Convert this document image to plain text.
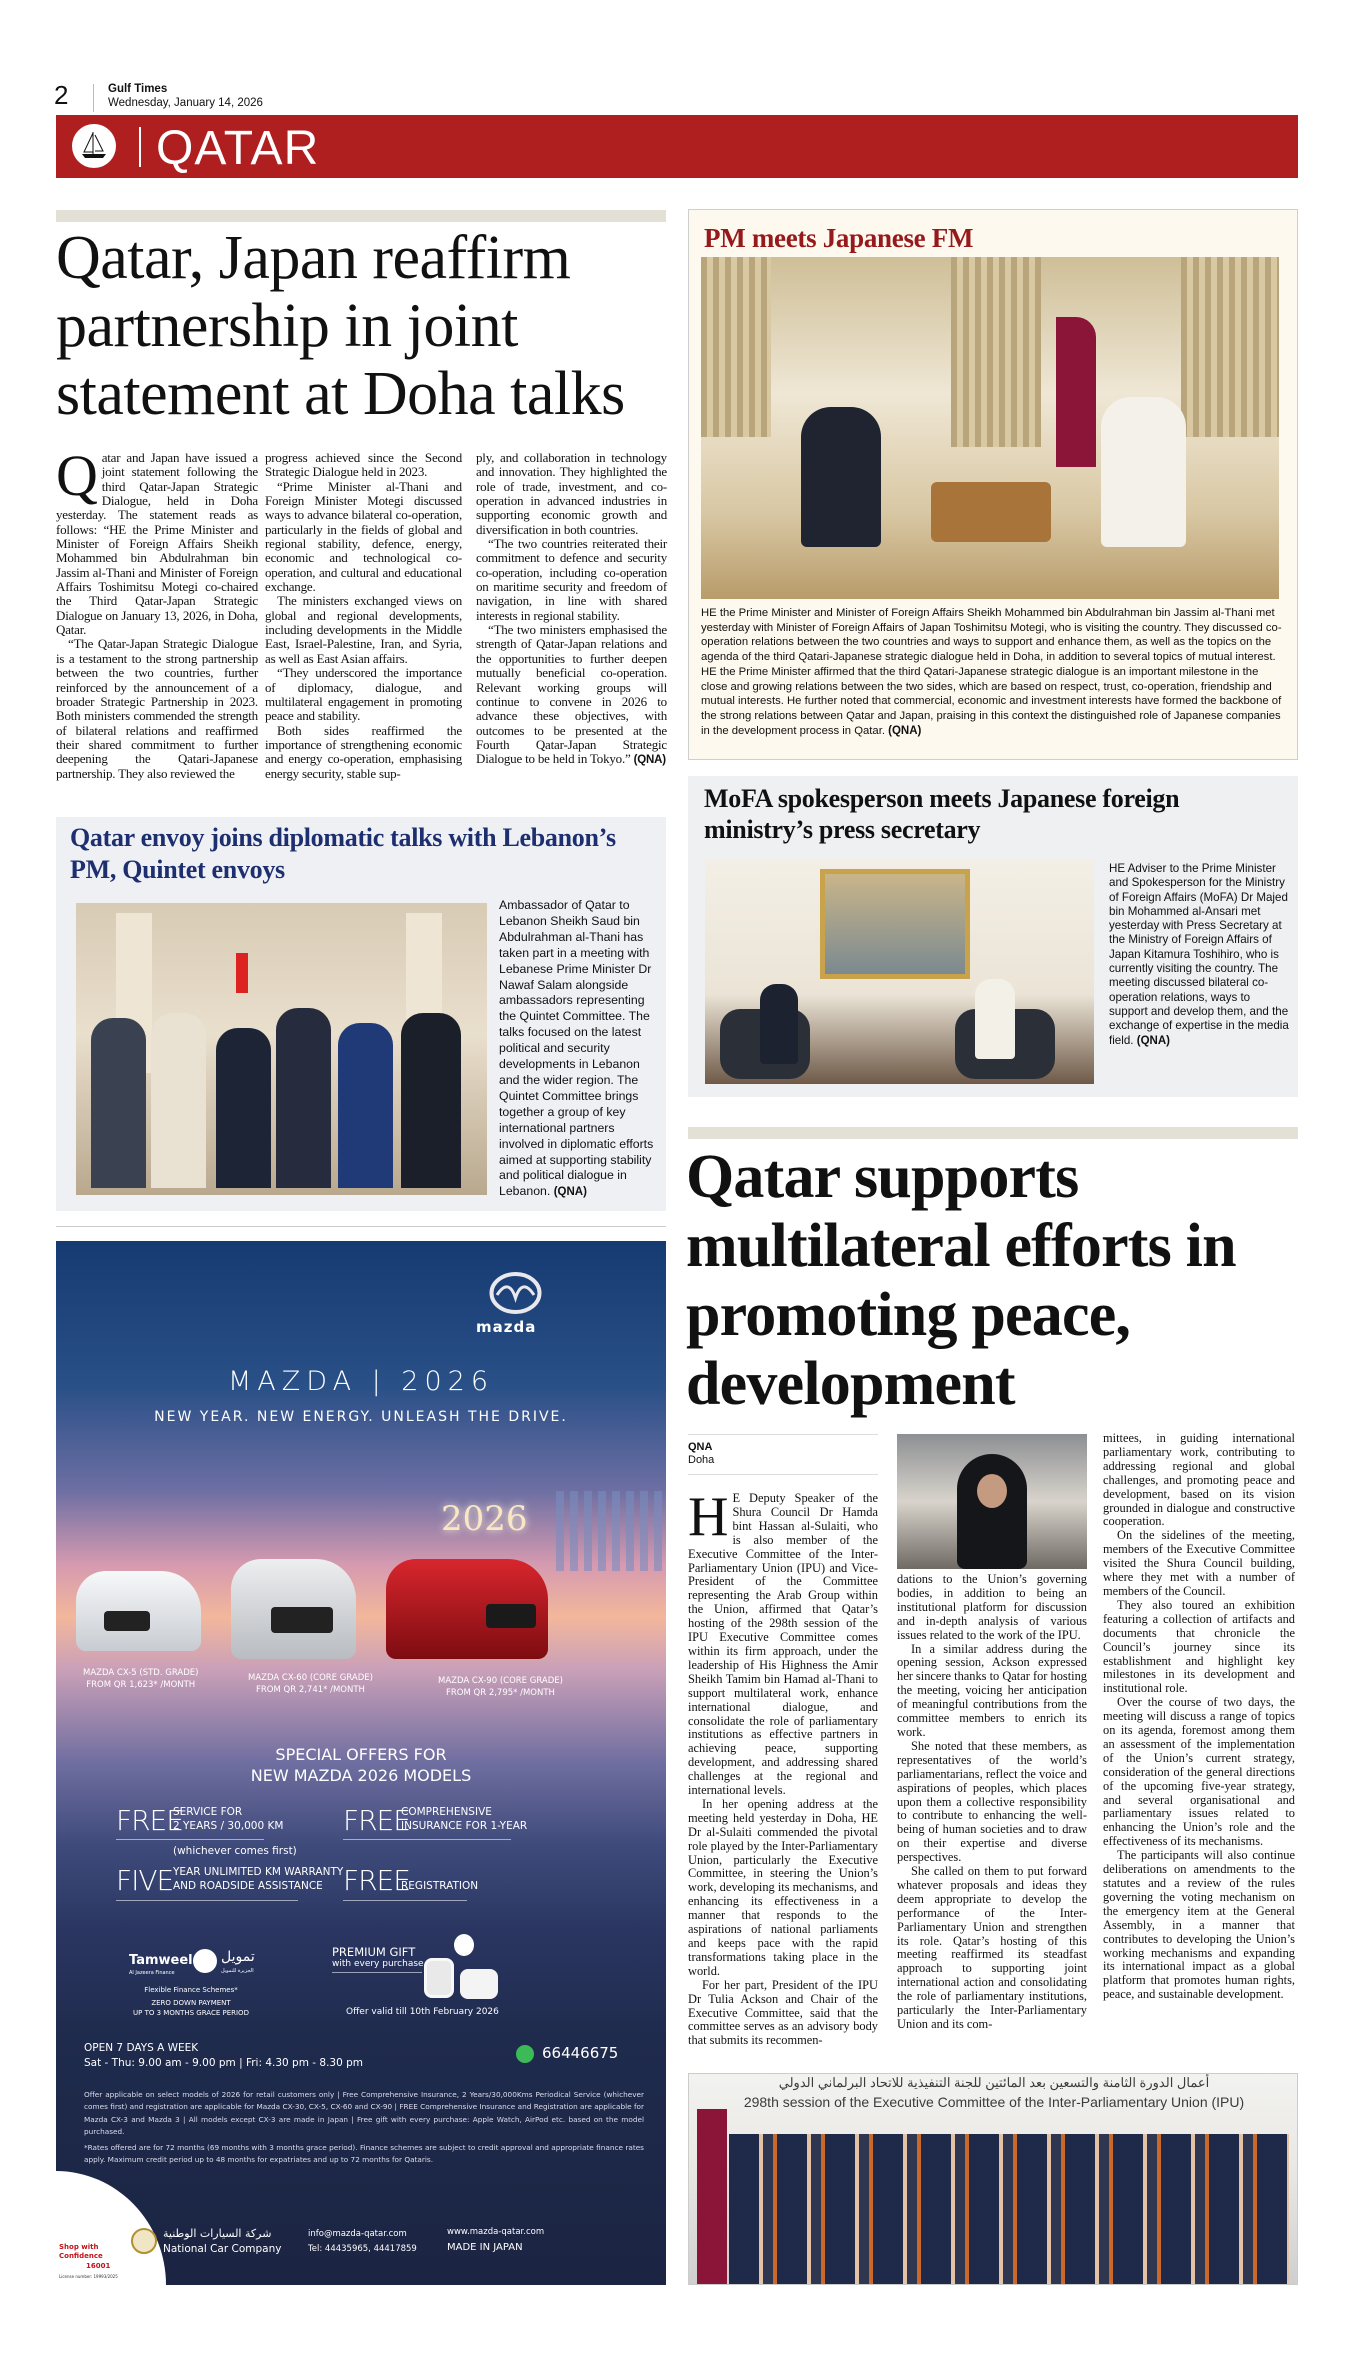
2	Gulf Times
Wednesday, January 14, 2026
QATAR
Qatar, Japan reaffirm partnership in joint statement at Doha talks

Qatar and Japan have issued a joint statement following the third Qatar-Japan Strategic Dialogue, held in Doha yesterday. The statement reads as follows: “HE the Prime Minister and Minister of Foreign Affairs Sheikh Mohammed bin Abdulrahman bin Jassim al-Thani and Minister of Foreign Affairs Toshimitsu Motegi co-chaired the Third Qatar-Japan Strategic Dialogue on January 13, 2026, in Doha, Qatar.

“The Qatar-Japan Strategic Dialogue is a testament to the strong partnership between the two countries, further reinforced by the announcement of a broader Strategic Partnership in 2023. Both ministers commended the strength of bilateral relations and reaffirmed their shared commitment to further deepening the Qatari-Japanese partnership. They also reviewed the

progress achieved since the Second Strategic Dialogue held in 2023.

“Prime Minister al-Thani and Foreign Minister Motegi discussed ways to advance bilateral co-operation, particularly in the fields of global and regional stability, defence, energy, economic and technological co-operation, and cultural and educational exchange.

The ministers exchanged views on global and regional developments, including developments in the Middle East, Israel-Palestine, Iran, and Syria, as well as East Asian affairs.

“They underscored the importance of diplomacy, dialogue, and multilateral engagement in promoting peace and stability.

Both sides reaffirmed the importance of strengthening economic and energy co-operation, emphasising energy security, stable sup-

ply, and collaboration in technology and innovation. They highlighted the role of trade, investment, and co-operation in advanced industries in supporting economic growth and diversification in both countries.

“The two countries reiterated their commitment to defence and security co-operation, including co-operation on maritime security and freedom of navigation, in line with shared interests in regional stability.

“The two ministers emphasised the strength of Qatar-Japan relations and the opportunities to further deepen mutually beneficial co-operation. Relevant working groups will continue to convene in 2026 to advance these objectives, with outcomes to be presented at the Fourth Qatar-Japan Strategic Dialogue to be held in Tokyo.” (QNA)

PM meets Japanese FM
HE the Prime Minister and Minister of Foreign Affairs Sheikh Mohammed bin Abdulrahman bin Jassim al-Thani met yesterday with Minister of Foreign Affairs of Japan Toshimitsu Motegi, who is visiting the country. They discussed co-operation relations between the two countries and ways to support and enhance them, as well as the topics on the agenda of the third Qatari-Japanese strategic dialogue held in Doha, in addition to several topics of mutual interest. HE the Prime Minister affirmed that the third Qatari-Japanese strategic dialogue is an important milestone in the close and growing relations between the two sides, which are based on respect, trust, co-operation, friendship and mutual interests. He further noted that commercial, economic and investment interests have formed the backbone of the strong relations between Qatar and Japan, praising in this context the distinguished role of Japanese companies in the development process in Qatar. (QNA)
MoFA spokesperson meets Japanese foreign ministry’s press secretary
HE Adviser to the Prime Minister and Spokesperson for the Ministry of Foreign Affairs (MoFA) Dr Majed bin Mohammed al-Ansari met yesterday with Press Secretary at the Ministry of Foreign Affairs of Japan Kitamura Toshihiro, who is currently visiting the country. The meeting discussed bilateral co-operation relations, ways to support and develop them, and the exchange of expertise in the media field. (QNA)
Qatar envoy joins diplomatic talks with Lebanon’s PM, Quintet envoys
Ambassador of Qatar to Lebanon Sheikh Saud bin Abdulrahman al-Thani has taken part in a meeting with Lebanese Prime Minister Dr Nawaf Salam alongside ambassadors representing the Quintet Committee. The talks focused on the latest political and security developments in Lebanon and the wider region. The Quintet Committee brings together a group of key international partners involved in diplomatic efforts aimed at supporting stability and political dialogue in Lebanon. (QNA)
mazda
MAZDA | 2026
NEW YEAR. NEW ENERGY. UNLEASH THE DRIVE.
2026
MAZDA CX-5 (STD. GRADE)
FROM QR 1,623* /MONTH
MAZDA CX-60 (CORE GRADE)
FROM QR 2,741* /MONTH
MAZDA CX-90 (CORE GRADE)
FROM QR 2,795* /MONTH
SPECIAL OFFERS FOR
NEW MAZDA 2026 MODELS
FREE
SERVICE FOR
2 YEARS / 30,000 KM
(whichever comes first)
FREE
COMPREHENSIVE
INSURANCE FOR 1-YEAR
FIVE YEAR UNLIMITED KM WARRANTY
AND ROADSIDE ASSISTANCE FREE
REGISTRATION
Tamweel
Al Jazeera Finance
تمويل
الجزيرة للتمويل
Flexible Finance Schemes*
ZERO DOWN PAYMENT
UP TO 3 MONTHS GRACE PERIOD
PREMIUM GIFT
with every purchase
Offer valid till 10th February 2026
OPEN 7 DAYS A WEEK
Sat - Thu: 9.00 am - 9.00 pm | Fri: 4.30 pm - 8.30 pm
66446675
Offer applicable on select models of 2026 for retail customers only | Free Comprehensive Insurance, 2 Years/30,000Kms Periodical Service (whichever comes first) and registration are applicable for Mazda CX-30, CX-5, CX-60 and CX-90 | FREE Comprehensive Insurance and Registration are applicable for Mazda CX-3 and Mazda 3 | All models except CX-3 are made in Japan | Free gift with every purchase: Apple Watch, AirPod etc. based on the model purchased.
*Rates offered are for 72 months (69 months with 3 months grace period). Finance schemes are subject to credit approval and appropriate finance rates apply. Maximum credit period up to 48 months for expatriates and up to 72 months for Qataris.
Shop with
Confidence
16001
License number: 19993/2025
شركة السيارات الوطنية
National Car Company
info@mazda-qatar.com
Tel: 44435965, 44417859
www.mazda-qatar.com
MADE IN JAPAN
Qatar supports multilateral efforts in promoting peace, development
QNA
Doha

H E Deputy Speaker of the Shura Council Dr Hamda bint Hassan al-Sulaiti, who is also member of the Executive Committee of the Inter-Parliamentary Union (IPU) and Vice-President of the Committee representing the Arab Group within the Union, affirmed that Qatar’s hosting of the 298th session of the IPU Executive Committee comes within its firm approach, under the leadership of His Highness the Amir Sheikh Tamim bin Hamad al-Thani to support multilateral work, enhance international dialogue, and consolidate the role of parliamentary institutions as effective partners in achieving peace, supporting development, and addressing shared challenges at the regional and international levels.

In her opening address at the meeting held yesterday in Doha, HE Dr al-Sulaiti commended the pivotal role played by the Inter-Parliamentary Union, particularly the Executive Committee, in steering the Union’s work, developing its mechanisms, and enhancing its effectiveness in a manner that responds to the aspirations of national parliaments and keeps pace with the rapid transformations taking place in the world.

For her part, President of the IPU Dr Tulia Ackson and Chair of the Executive Committee, said that the committee serves as an advisory body that submits its recommen-

dations to the Union’s governing bodies, in addition to being an institutional platform for discussion and in-depth analysis of various issues related to the work of the IPU.

In a similar address during the opening session, Ackson expressed her sincere thanks to Qatar for hosting the meeting, voicing her anticipation of meaningful contributions from the committee members to enrich its work.

She noted that these members, as representatives of the world’s parliamentarians, reflect the voice and aspirations of peoples, which places upon them a collective responsibility to contribute to enhancing the well-being of human societies and to draw on their expertise and diverse perspectives.

She called on them to put forward whatever proposals and ideas they deem appropriate to develop the performance of the Inter-Parliamentary Union and strengthen its role. Qatar’s hosting of this meeting reaffirmed its steadfast approach to supporting joint international action and consolidating the role of parliamentary institutions, particularly the Inter-Parliamentary Union and its com-

mittees, in guiding international parliamentary work, contributing to addressing regional and global challenges, and promoting peace and development, based on its vision grounded in dialogue and constructive cooperation.

On the sidelines of the meeting, members of the Executive Committee visited the Shura Council building, where they met with a number of members of the Council.

They also toured an exhibition featuring a collection of artifacts and documents that chronicle the Council’s journey since its establishment and highlight key milestones in its development and institutional role.

Over the course of two days, the meeting will discuss a range of topics on its agenda, foremost among them an assessment of the implementation of the Union’s current strategy, consideration of the general directions of the upcoming five-year strategy, and several organisational and parliamentary issues related to enhancing the Union’s role and the effectiveness of its mechanisms.

The participants will also continue deliberations on amendments to the statutes and a review of the rules governing the voting mechanism on the emergency item at the General Assembly, in a manner that contributes to developing the Union’s working mechanisms and expanding its international impact as a global platform that promotes human rights, peace, and sustainable development.

أعمال الدورة الثامنة والتسعين بعد المائتين للجنة التنفيذية للاتحاد البرلماني الدولي
298th session of the Executive Committee of the Inter-Parliamentary Union (IPU)
